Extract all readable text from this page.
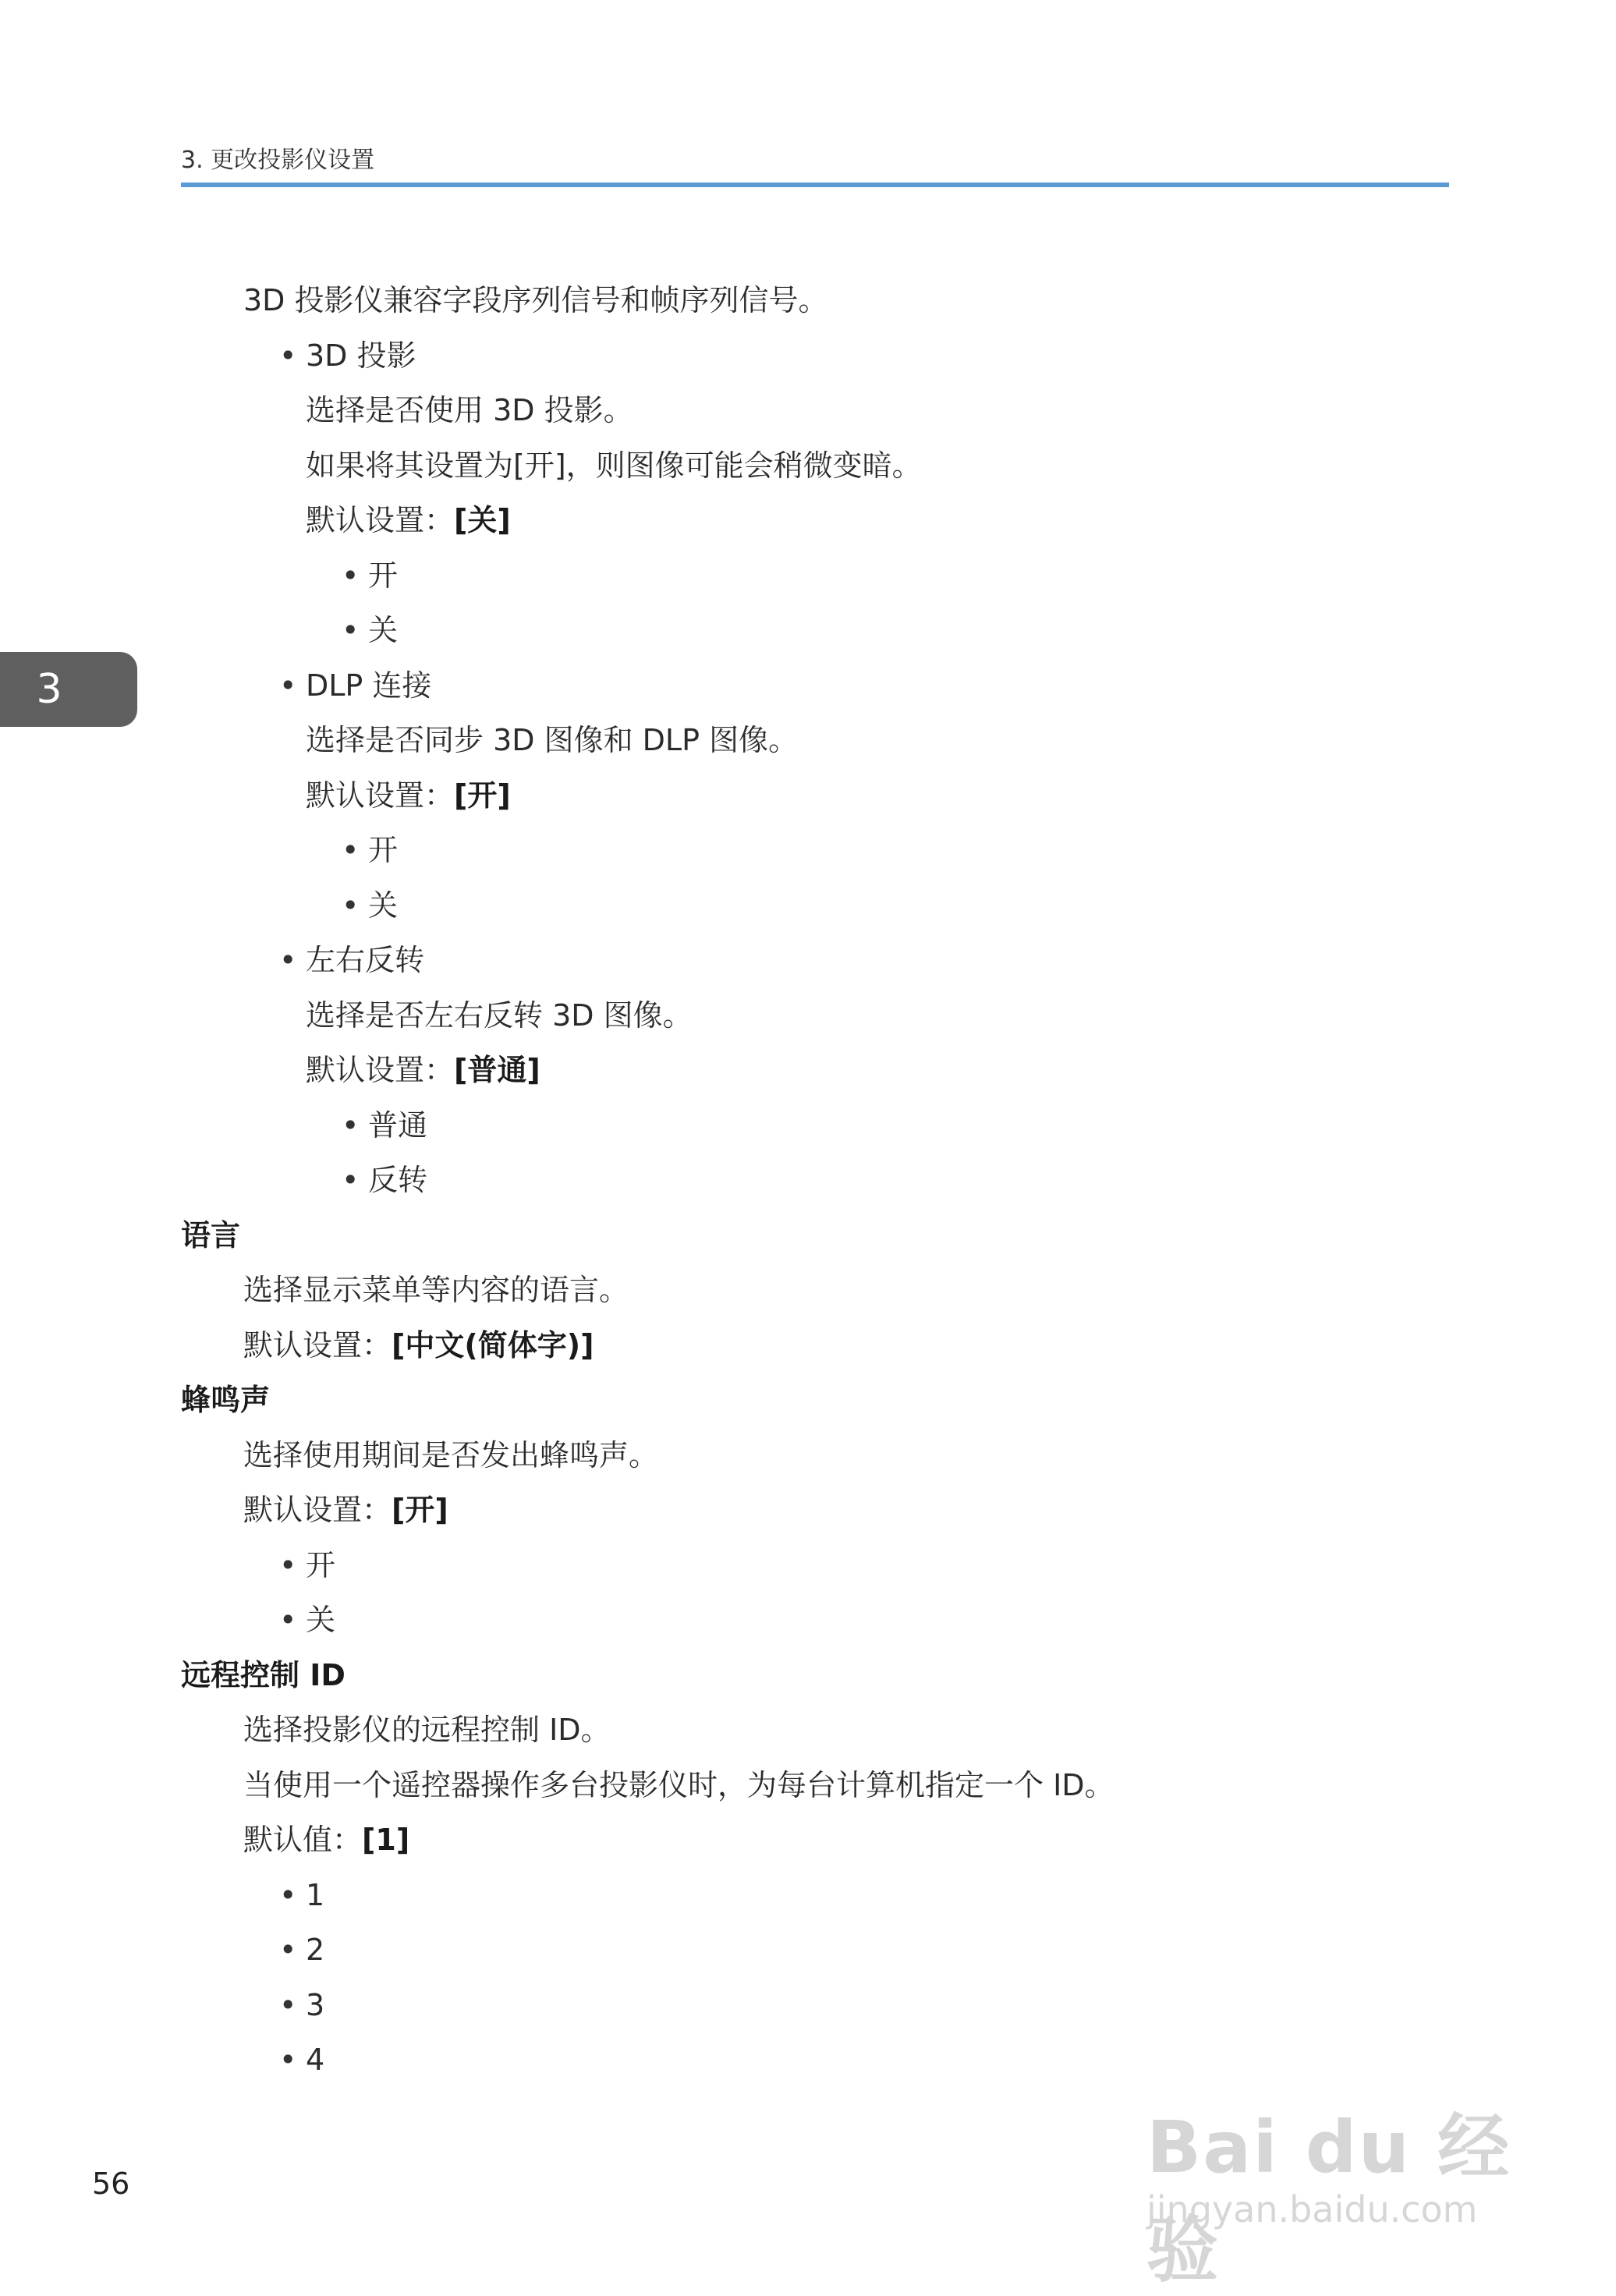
3. 更改投影仪设置
3
3D 投影仪兼容字段序列信号和帧序列信号。
• 3D 投影
选择是否使用 3D 投影。
如果将其设置为[开]，则图像可能会稍微变暗。
默认设置：[关]
• 开
• 关
• DLP 连接
选择是否同步 3D 图像和 DLP 图像。
默认设置：[开]
• 开
• 关
• 左右反转
选择是否左右反转 3D 图像。
默认设置：[普通]
• 普通
• 反转
语言
选择显示菜单等内容的语言。
默认设置：[中文(简体字)]
蜂鸣声
选择使用期间是否发出蜂鸣声。
默认设置：[开]
• 开
• 关
远程控制 ID
选择投影仪的远程控制 ID。
当使用一个遥控器操作多台投影仪时，为每台计算机指定一个 ID。
默认值：[1]
• 1
• 2
• 3
• 4
56	Bai du 经验
jingyan.baidu.com
